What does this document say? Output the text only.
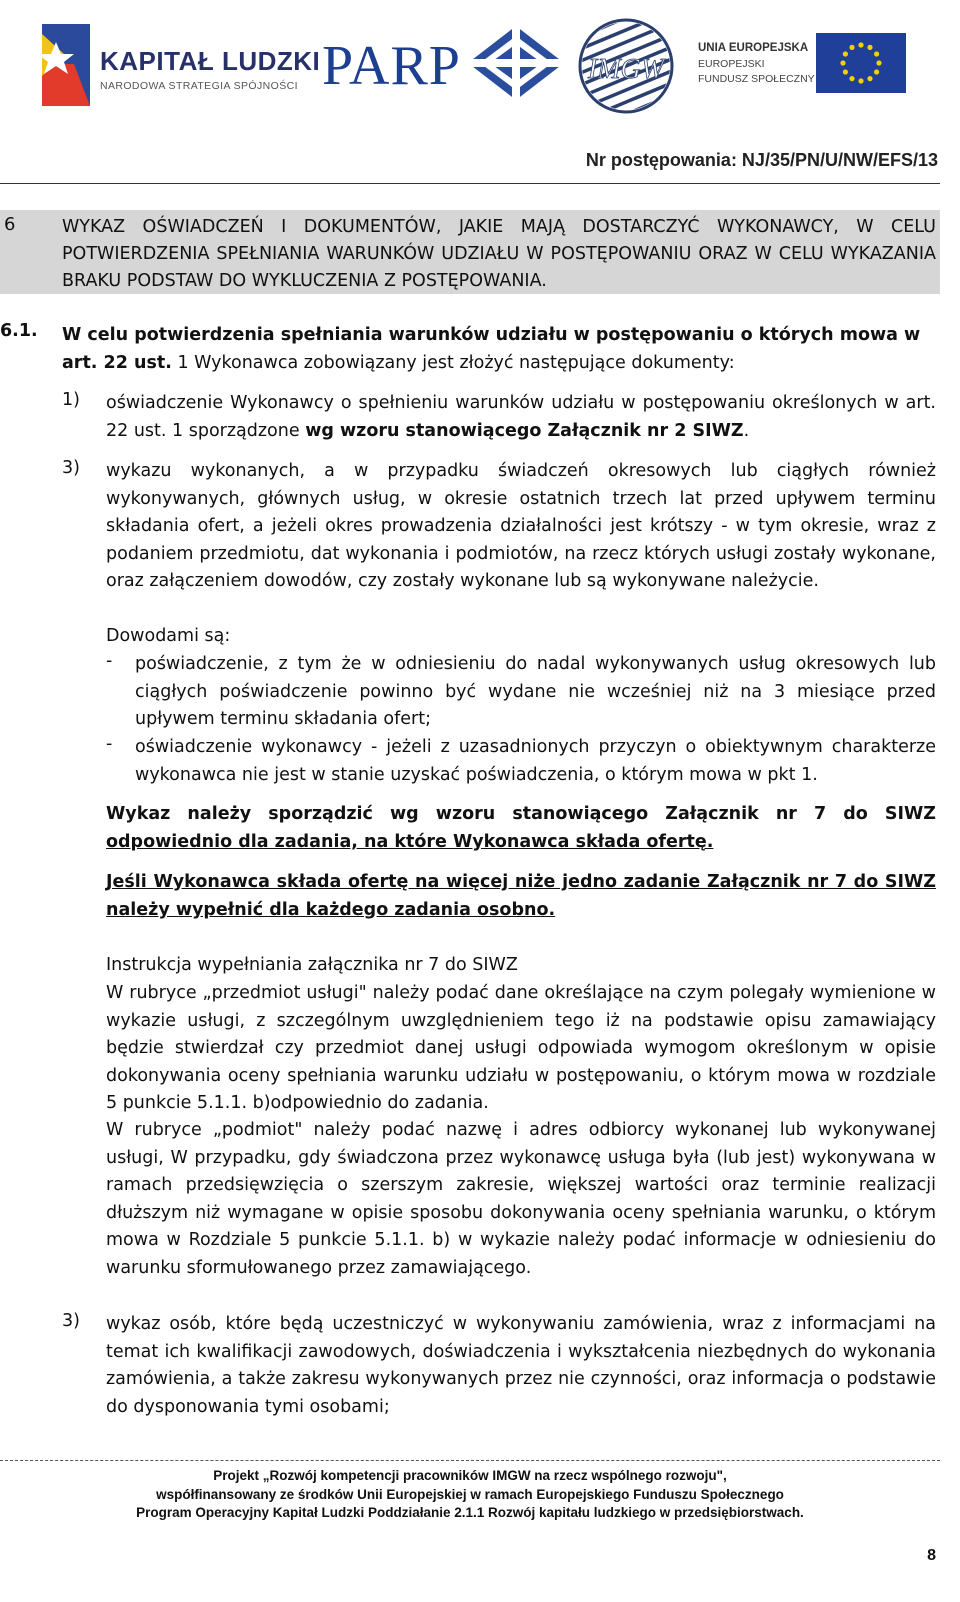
KAPITAŁ LUDZKI
NARODOWA STRATEGIA SPÓJNOŚCI PARP	IMGW
UNIA EUROPEJSKA
EUROPEJSKI
FUNDUSZ SPOŁECZNY
Nr postępowania: NJ/35/PN/U/NW/EFS/13
6	WYKAZ OŚWIADCZEŃ I DOKUMENTÓW, JAKIE MAJĄ DOSTARCZYĆ WYKONAWCY, W CELU POTWIERDZENIA SPEŁNIANIA WARUNKÓW UDZIAŁU W POSTĘPOWANIU ORAZ W CELU WYKAZANIA BRAKU PODSTAW DO WYKLUCZENIA Z POSTĘPOWANIA.
6.1. W celu potwierdzenia spełniania warunków udziału w postępowaniu o których mowa w art. 22 ust. 1 Wykonawca zobowiązany jest złożyć następujące dokumenty:
1) oświadczenie Wykonawcy o spełnieniu warunków udziału w postępowaniu określonych w art. 22 ust. 1 sporządzone wg wzoru stanowiącego Załącznik nr 2 SIWZ.
3) wykazu wykonanych, a w przypadku świadczeń okresowych lub ciągłych również wykonywanych, głównych usług, w okresie ostatnich trzech lat przed upływem terminu składania ofert, a jeżeli okres prowadzenia działalności jest krótszy - w tym okresie, wraz z podaniem przedmiotu, dat wykonania i podmiotów, na rzecz których usługi zostały wykonane, oraz załączeniem dowodów, czy zostały wykonane lub są wykonywane należycie.
Dowodami są:
- poświadczenie, z tym że w odniesieniu do nadal wykonywanych usług okresowych lub ciągłych poświadczenie powinno być wydane nie wcześniej niż na 3 miesiące przed upływem terminu składania ofert;
- oświadczenie wykonawcy - jeżeli z uzasadnionych przyczyn o obiektywnym charakterze wykonawca nie jest w stanie uzyskać poświadczenia, o którym mowa w pkt 1.
Wykaz należy sporządzić wg wzoru stanowiącego Załącznik nr 7 do SIWZ odpowiednio dla zadania, na które Wykonawca składa ofertę.
Jeśli Wykonawca składa ofertę na więcej niże jedno zadanie Załącznik nr 7 do SIWZ należy wypełnić dla każdego zadania osobno.
Instrukcja wypełniania załącznika nr 7 do SIWZ
W rubryce „przedmiot usługi" należy podać dane określające na czym polegały wymienione w wykazie usługi, z szczególnym uwzględnieniem tego iż na podstawie opisu zamawiający będzie stwierdzał czy przedmiot danej usługi odpowiada wymogom określonym w opisie dokonywania oceny spełniania warunku udziału w postępowaniu, o którym mowa w rozdziale 5 punkcie 5.1.1. b)odpowiednio do zadania.
W rubryce „podmiot" należy podać nazwę i adres odbiorcy wykonanej lub wykonywanej usługi, W przypadku, gdy świadczona przez wykonawcę usługa była (lub jest) wykonywana w ramach przedsięwzięcia o szerszym zakresie, większej wartości oraz terminie realizacji dłuższym niż wymagane w opisie sposobu dokonywania oceny spełniania warunku, o którym mowa w Rozdziale 5 punkcie 5.1.1. b) w wykazie należy podać informacje w odniesieniu do warunku sformułowanego przez zamawiającego.
3) wykaz osób, które będą uczestniczyć w wykonywaniu zamówienia, wraz z informacjami na temat ich kwalifikacji zawodowych, doświadczenia i wykształcenia niezbędnych do wykonania zamówienia, a także zakresu wykonywanych przez nie czynności, oraz informacja o podstawie do dysponowania tymi osobami;
Projekt „Rozwój kompetencji pracowników IMGW na rzecz wspólnego rozwoju",
współfinansowany ze środków Unii Europejskiej w ramach Europejskiego Funduszu Społecznego
Program Operacyjny Kapitał Ludzki Poddziałanie 2.1.1 Rozwój kapitału ludzkiego w przedsiębiorstwach.
8
